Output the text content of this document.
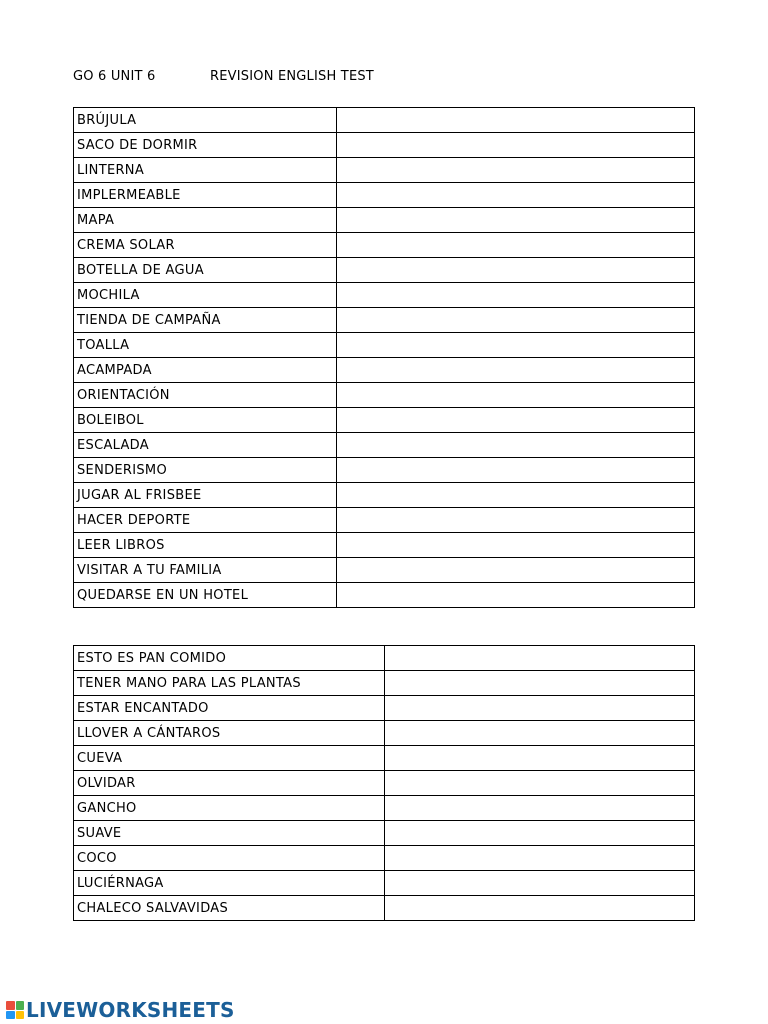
GO 6 UNIT 6	REVISION ENGLISH TEST
BRÚJULA	
SACO DE DORMIR	
LINTERNA	
IMPLERMEABLE	
MAPA	
CREMA SOLAR	
BOTELLA DE AGUA	
MOCHILA	
TIENDA DE CAMPAÑA	
TOALLA	
ACAMPADA	
ORIENTACIÓN	
BOLEIBOL	
ESCALADA	
SENDERISMO	
JUGAR AL FRISBEE	
HACER DEPORTE	
LEER LIBROS	
VISITAR A TU FAMILIA	
QUEDARSE EN UN HOTEL	
ESTO ES PAN COMIDO	
TENER MANO PARA LAS PLANTAS	
ESTAR ENCANTADO	
LLOVER A CÁNTAROS	
CUEVA	
OLVIDAR	
GANCHO	
SUAVE	
COCO	
LUCIÉRNAGA	
CHALECO SALVAVIDAS	
LIVEWORKSHEETS
